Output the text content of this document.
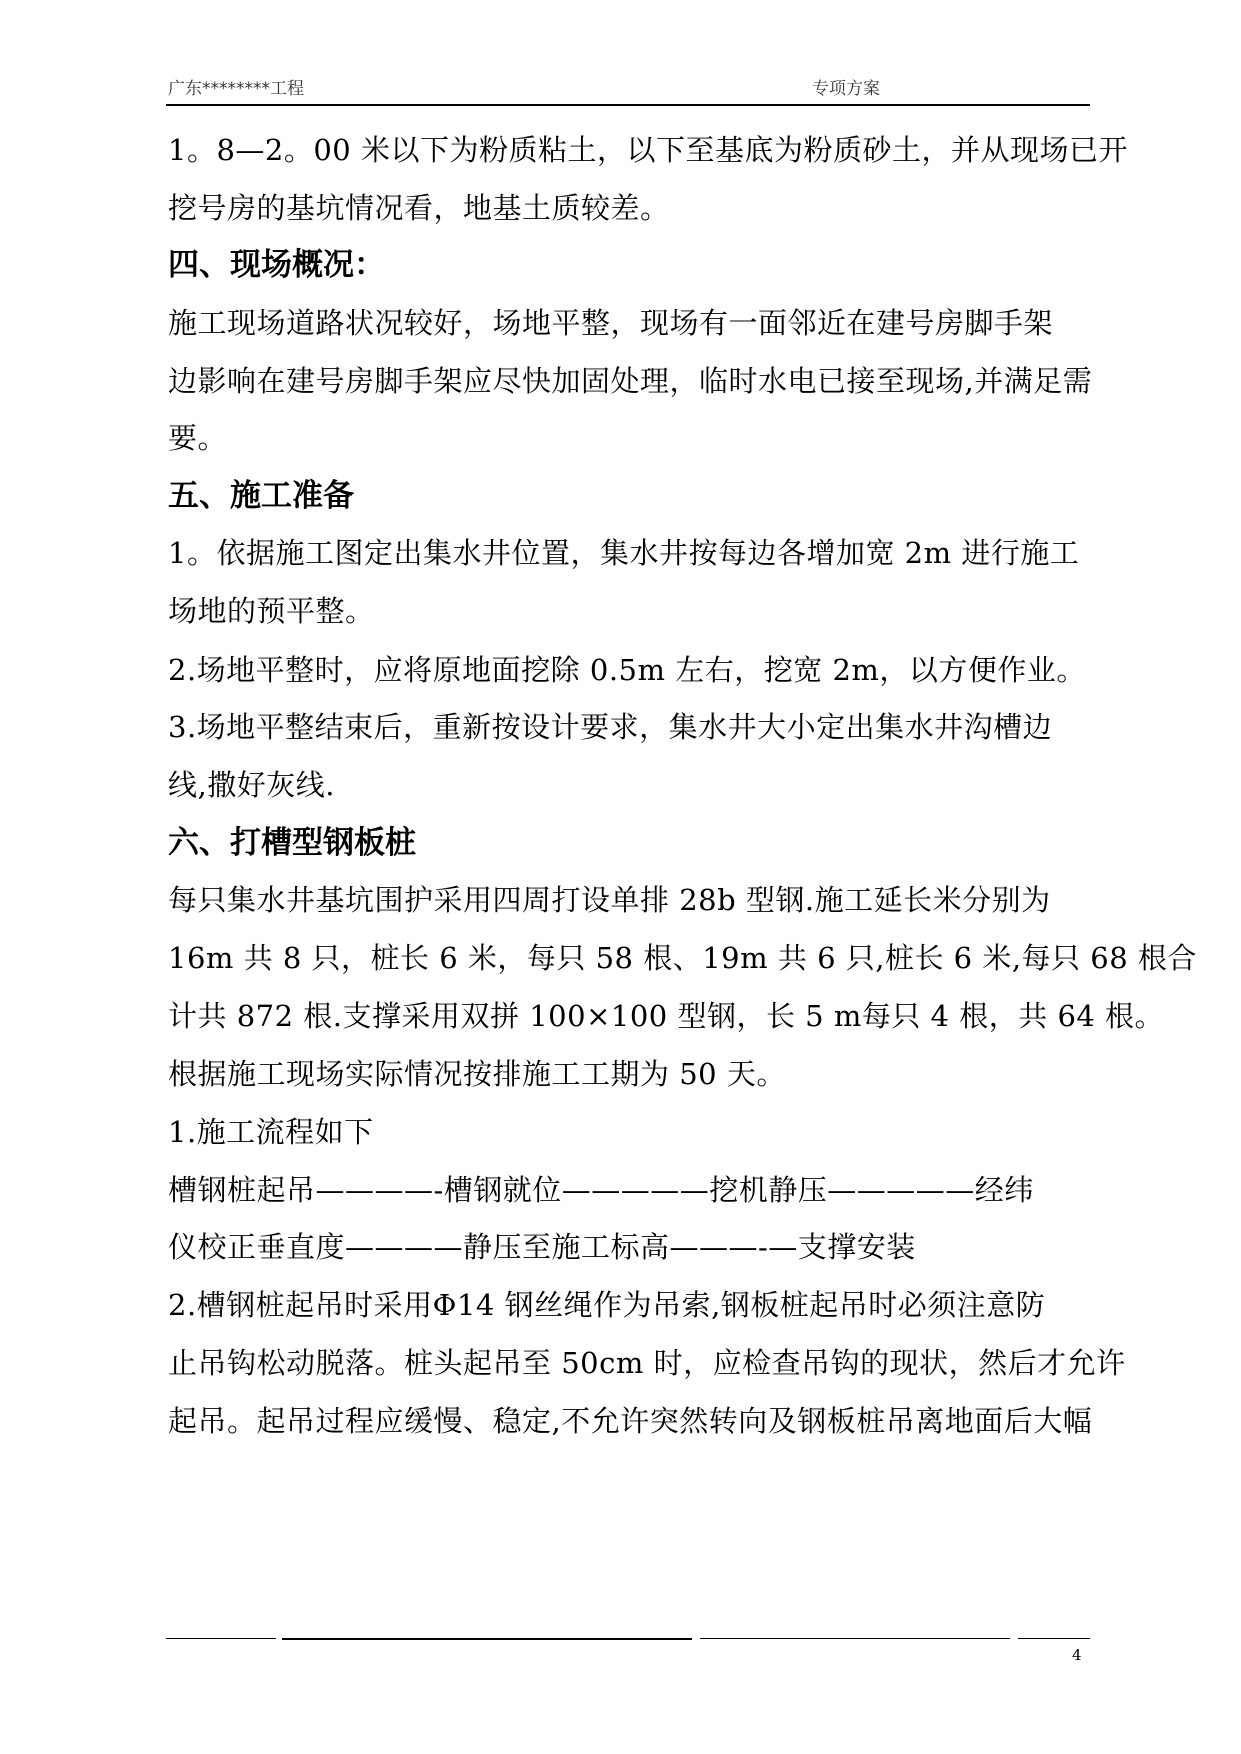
广东********工程	专项方案
1。8—2。00 米以下为粉质粘土，以下至基底为粉质砂土，并从现场已开
挖号房的基坑情况看，地基土质较差。
四、现场概况：
施工现场道路状况较好，场地平整，现场有一面邻近在建号房脚手架
边影响在建号房脚手架应尽快加固处理，临时水电已接至现场,并满足需
要。
五、施工准备
1。依据施工图定出集水井位置，集水井按每边各增加宽 2m 进行施工
场地的预平整。
2.场地平整时，应将原地面挖除 0.5m 左右，挖宽 2m，以方便作业。
3.场地平整结束后，重新按设计要求，集水井大小定出集水井沟槽边
线,撒好灰线.
六、打槽型钢板桩
每只集水井基坑围护采用四周打设单排 28b 型钢.施工延长米分别为
16m 共 8 只，桩长 6 米，每只 58 根、19m 共 6 只,桩长 6 米,每只 68 根合
计共 872 根.支撑采用双拼 100×100 型钢，长 5 m每只 4 根，共 64 根。
根据施工现场实际情况按排施工工期为 50 天。
1.施工流程如下
槽钢桩起吊————-槽钢就位—————挖机静压—————经纬
仪校正垂直度————静压至施工标高———-—支撑安装
2.槽钢桩起吊时采用Φ14 钢丝绳作为吊索,钢板桩起吊时必须注意防
止吊钩松动脱落。桩头起吊至 50cm 时，应检查吊钩的现状，然后才允许
起吊。起吊过程应缓慢、稳定,不允许突然转向及钢板桩吊离地面后大幅
4
